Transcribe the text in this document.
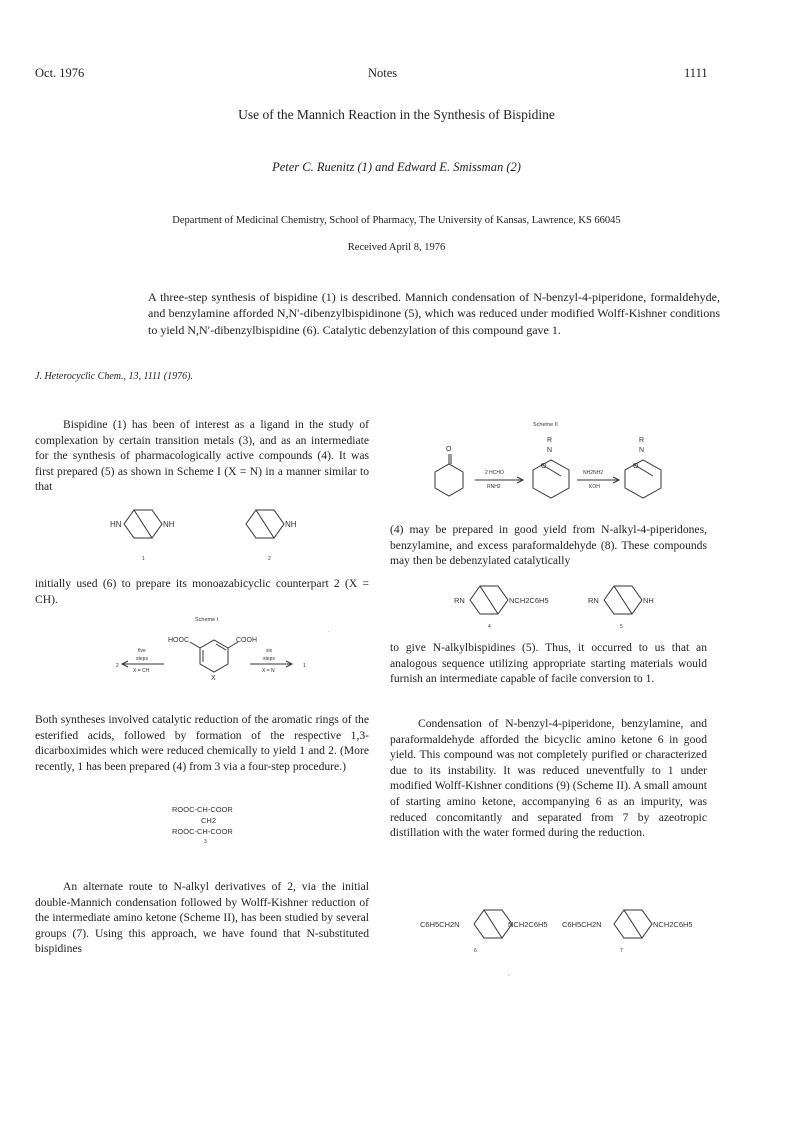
Oct. 1976	Notes	1111
Use of the Mannich Reaction in the Synthesis of Bispidine
Peter C. Ruenitz (1) and Edward E. Smissman (2)
Department of Medicinal Chemistry, School of Pharmacy, The University of Kansas, Lawrence, KS 66045
Received April 8, 1976
A three-step synthesis of bispidine (1) is described. Mannich condensation of N-benzyl-4-piperidone, formaldehyde, and benzylamine afforded N,N′-dibenzylbispidinone (5), which was reduced under modified Wolff-Kishner conditions to yield N,N′-dibenzylbispidine (6). Catalytic debenzylation of this compound gave 1.
J. Heterocyclic Chem., 13, 1111 (1976).
Bispidine (1) has been of interest as a ligand in the study of complexation by certain transition metals (3), and as an intermediate for the synthesis of pharmacologically active compounds (4). It was first prepared (5) as shown in Scheme I (X = N) in a manner similar to that
HN	NH
1
NH
2
initially used (6) to prepare its monoazabicyclic counterpart 2 (X = CH).
Scheme I
.
2
five
steps
X = CH
HOOC	COOH
X
six
steps
X = N
1
Both syntheses involved catalytic reduction of the aromatic rings of the esterified acids, followed by formation of the respective 1,3-dicarboximides which were reduced chemically to yield 1 and 2. (More recently, 1 has been prepared (4) from 3 via a four-step procedure.)
ROOC-CH-COOR
CH2
ROOC-CH-COOR
3
An alternate route to N-alkyl derivatives of 2, via the initial double-Mannich condensation followed by Wolff-Kishner reduction of the intermediate amino ketone (Scheme II), has been studied by several groups (7). Using this approach, we have found that N-substituted bispidines
Scheme II
O
2 HCHO
RNH2
R
N
O
NH2NH2
KOH
R
N
O
(4) may be prepared in good yield from N-alkyl-4-piperidones, benzylamine, and excess paraformaldehyde (8). These compounds may then be debenzylated catalytically
RN	NCH2C6H5
4
RN	NH
5
to give N-alkylbispidines (5). Thus, it occurred to us that an analogous sequence utilizing appropriate starting materials would furnish an intermediate capable of facile conversion to 1.
Condensation of N-benzyl-4-piperidone, benzylamine, and paraformaldehyde afforded the bicyclic amino ketone 6 in good yield. This compound was not completely purified or characterized due to its instability. It was reduced uneventfully to 1 under modified Wolff-Kishner conditions (9) (Scheme II). A small amount of starting amino ketone, accompanying 6 as an impurity, was reduced concomitantly and separated from 7 by azeotropic distillation with the water formed during the reduction.
C6H5CH2N	NCH2C6H5
6
C6H5CH2N	NCH2C6H5
7
.
